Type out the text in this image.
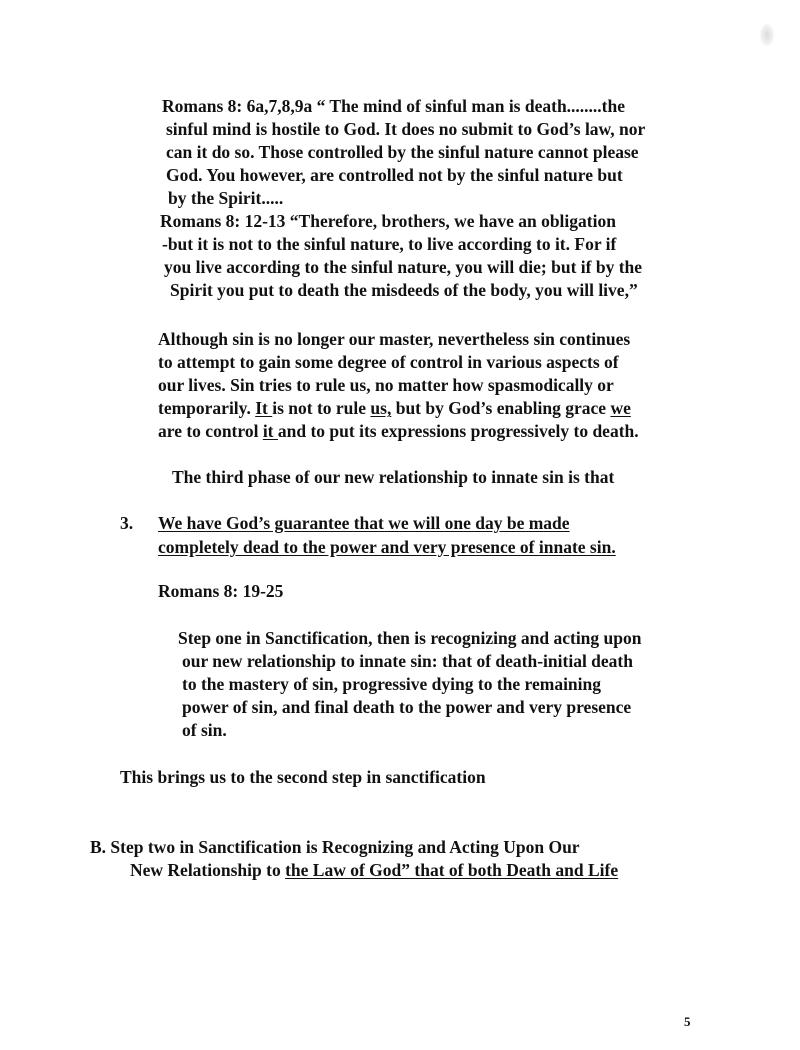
Romans 8: 6a,7,8,9a “ The mind of sinful man is death........the
sinful mind is hostile to God. It does no submit to God’s law, nor
can it do so. Those controlled by the sinful nature cannot please
God. You however, are controlled not by the sinful nature but
by the Spirit.....
Romans 8: 12-13 “Therefore, brothers, we have an obligation
-but it is not to the sinful nature, to live according to it. For if
you live according to the sinful nature, you will die; but if by the
Spirit you put to death the misdeeds of the body, you will live,”
Although sin is no longer our master, nevertheless sin continues
to attempt to gain some degree of control in various aspects of
our lives. Sin tries to rule us, no matter how spasmodically or
temporarily. It is not to rule us, but by God’s enabling grace we
are to control it and to put its expressions progressively to death.
The third phase of our new relationship to innate sin is that
3. We have God’s guarantee that we will one day be made
completely dead to the power and very presence of innate sin.
Romans 8: 19-25
Step one in Sanctification, then is recognizing and acting upon
our new relationship to innate sin: that of death-initial death
to the mastery of sin, progressive dying to the remaining
power of sin, and final death to the power and very presence
of sin.
This brings us to the second step in sanctification
B. Step two in Sanctification is Recognizing and Acting Upon Our
New Relationship to the Law of God” that of both Death and Life
5
